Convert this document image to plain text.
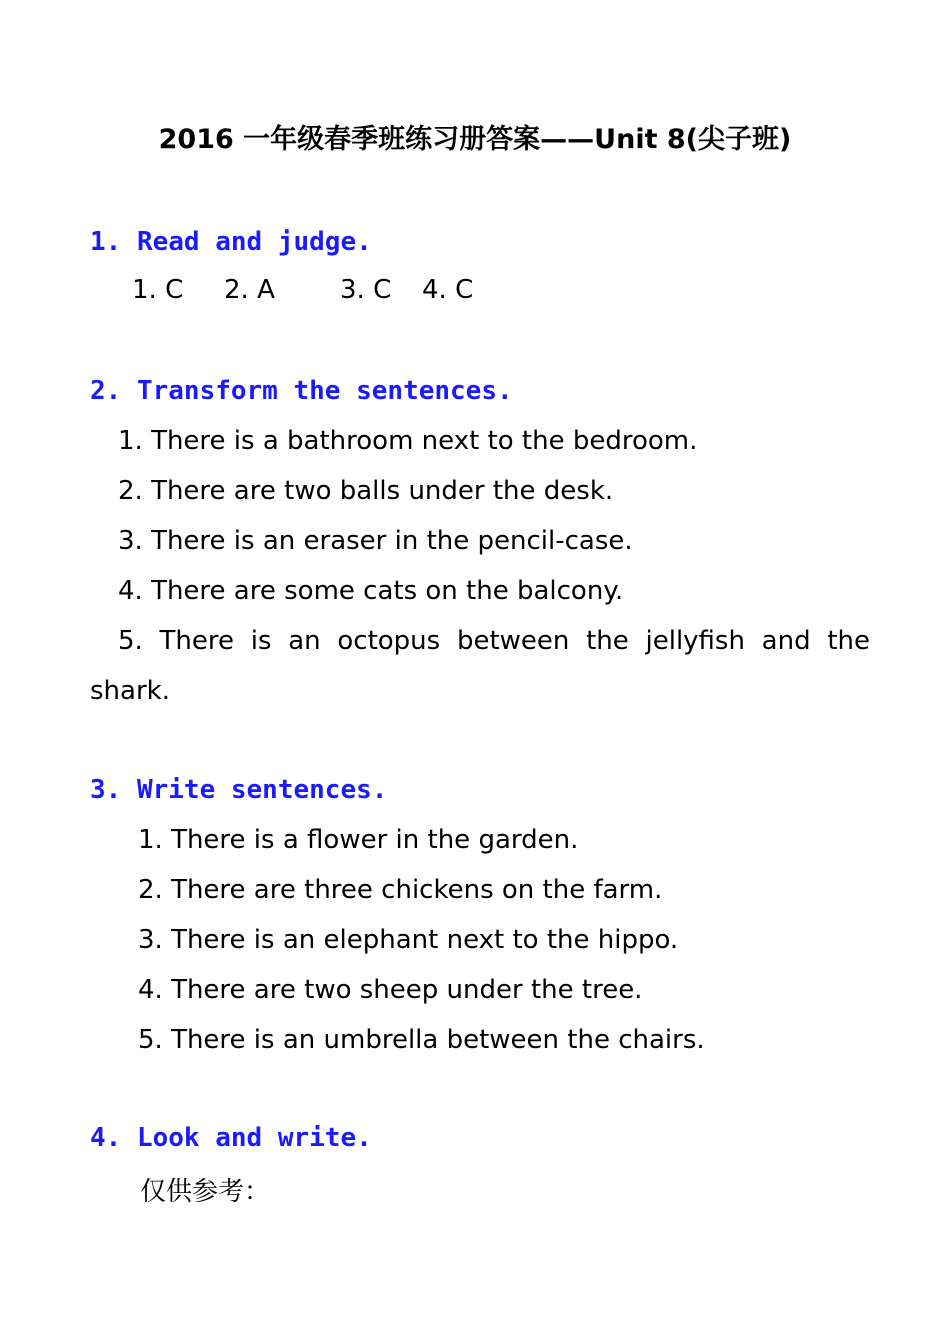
2016 一年级春季班练习册答案——Unit 8(尖子班)
1. Read and judge.
1. C 2. A	3. C 4. C
2. Transform the sentences.

1. There is a bathroom next to the bedroom.

2. There are two balls under the desk.

3. There is an eraser in the pencil-case.

4. There are some cats on the balcony.

5. There is an octopus between the jellyfish and the shark.

3. Write sentences.

1. There is a flower in the garden.

2. There are three chickens on the farm.

3. There is an elephant next to the hippo.

4. There are two sheep under the tree.

5. There is an umbrella between the chairs.

4. Look and write.

仅供参考：
